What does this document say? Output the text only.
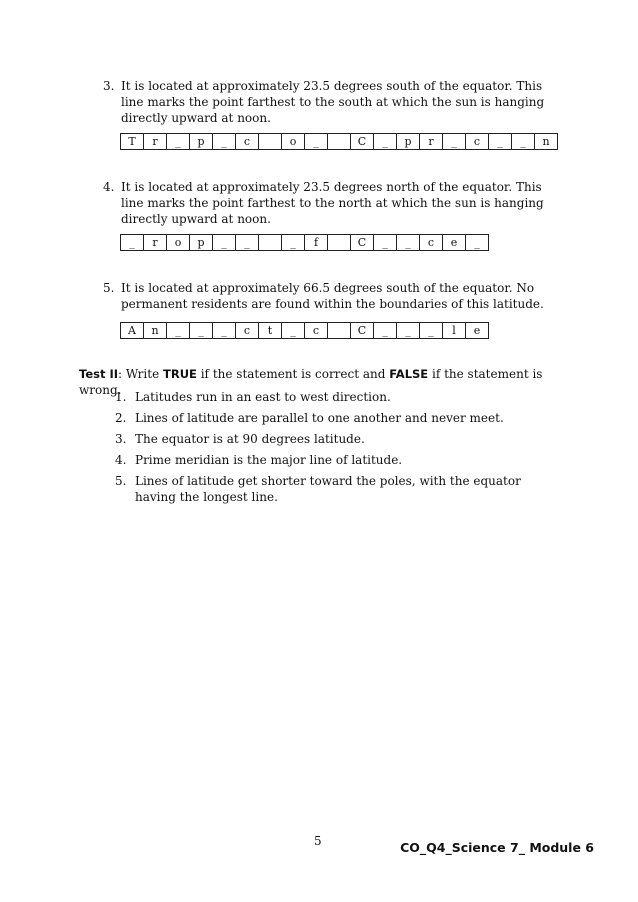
3. It is located at approximately 23.5 degrees south of the equator. This line marks the point farthest to the south at which the sun is hanging directly upward at noon.
T	r	_	p	_	c	o	_	C	_	p	r	_	c	_	_	n
4. It is located at approximately 23.5 degrees north of the equator. This line marks the point farthest to the north at which the sun is hanging directly upward at noon.
_	r	o	p	_	_	_	f	C	_	_	c	e	_
5. It is located at approximately 66.5 degrees south of the equator. No permanent residents are found within the boundaries of this latitude.
A	n	_	_	_	c	t	_	c	C	_	_	_	l	e
Test II: Write TRUE if the statement is correct and FALSE if the statement is wrong.
1. Latitudes run in an east to west direction.
2. Lines of latitude are parallel to one another and never meet.
3. The equator is at 90 degrees latitude.
4. Prime meridian is the major line of latitude.
5. Lines of latitude get shorter toward the poles, with the equator having the longest line.
5	CO_Q4_Science 7_ Module 6
